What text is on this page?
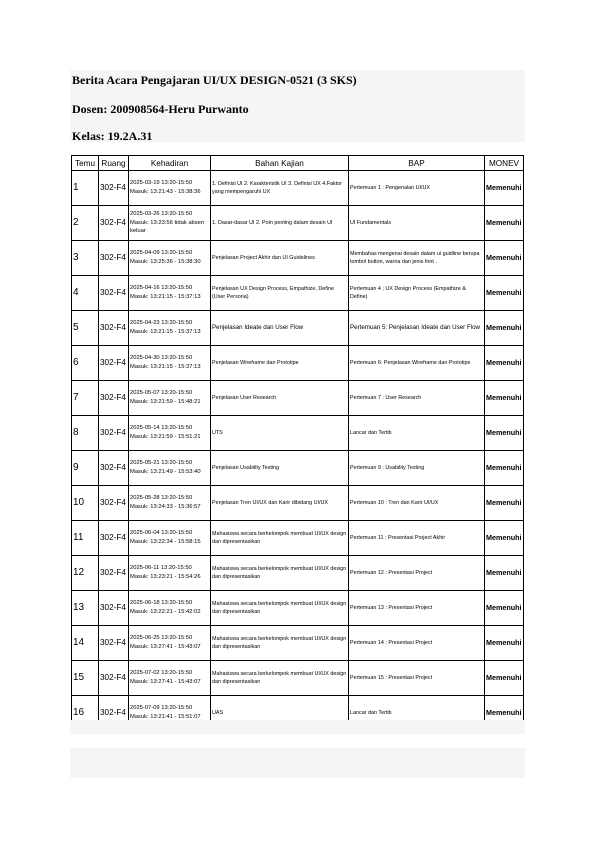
Berita Acara Pengajaran UI/UX DESIGN-0521 (3 SKS)
Dosen: 200908564-Heru Purwanto
Kelas: 19.2A.31
Temu	Ruang	Kehadiran	Bahan Kajian	BAP	MONEV
1	302-F4	2025-03-19 13:20-15:50 Masuk: 13:21:43 - 15:38:36	1. Definisi UI 2. Karakteristik UI 3. Definisi UX 4.Faktor yang mempengaruhi UX	Pertemuan 1 : Pengenalan UI/UX	Memenuhi
2	302-F4	2025-03-26 13:20-15:50 Masuk: 13:23:56 tidak absen keluar	1. Dasar-dasar UI 2. Poin penting dalam desain UI	UI Fundamentals	Memenuhi
3	302-F4	2025-04-09 13:20-15:50 Masuk: 13:25:36 - 15:38:30	Penjelasan Project Akhir dan UI Guidelines	Membahas mengenai desain dalam ui guidline berupa tombol button, warna dan jenis font .	Memenuhi
4	302-F4	2025-04-16 13:20-15:50 Masuk: 13:21:15 - 15:37:13	Penjelasan UX Design Process, Empathize, Define (User Persona)	Pertemuan 4 ; UX Design Process (Empathize & Define)	Memenuhi
5	302-F4	2025-04-23 13:20-15:50 Masuk: 13:21:15 - 15:37:13	Penjelasan Ideate dan User Flow	Pertemuan 5: Penjelasan Ideate dan User Flow	Memenuhi
6	302-F4	2025-04-30 13:20-15:50 Masuk: 13:21:15 - 15:37:13	Penjelasan Wireframe dan Prototipe	Pertemuan 6: Penjelasan Wireframe dan Prototipe	Memenuhi
7	302-F4	2025-05-07 13:20-15:50 Masuk: 13:21:59 - 15:48:21	Penjelasan User Research	Pertemuan 7 : User Research	Memenuhi
8	302-F4	2025-05-14 13:20-15:50 Masuk: 13:21:59 - 15:51:21	UTS	Lancar dan Tertib	Memenuhi
9	302-F4	2025-05-21 13:20-15:50 Masuk: 13:21:49 - 15:53:40	Penjelasan Usability Testing	Pertemuan 9 : Usability Testing	Memenuhi
10	302-F4	2025-05-28 13:20-15:50 Masuk: 13:24:33 - 15:36:57	Penjelasan Tren UI/UX dan Karir dibidang UI/UX	Pertemuan 10 : Tren dan Karir UI/UX	Memenuhi
11	302-F4	2025-06-04 13:20-15:50 Masuk: 13:22:34 - 15:58:15	Mahasiswa secara berkelompok membuat UI/UX design dan dipresentasikan	Pertemuan 11 : Presentasi Project Akhir	Memenuhi
12	302-F4	2025-06-11 13:20-15:50 Masuk: 13:23:21 - 15:54:26	Mahasiswa secara berkelompok membuat UI/UX design dan dipresentasikan	Pertemuan 12 : Presentasi Project	Memenuhi
13	302-F4	2025-06-18 13:20-15:50 Masuk: 13:22:21 - 15:42:02	Mahasiswa secara berkelompok membuat UI/UX design dan dipresentasikan	Pertemuan 13 : Presentasi Project	Memenuhi
14	302-F4	2025-06-25 13:20-15:50 Masuk: 13:27:41 - 15:43:07	Mahasiswa secara berkelompok membuat UI/UX design dan dipresentasikan	Pertemuan 14 : Presentasi Project	Memenuhi
15	302-F4	2025-07-02 13:20-15:50 Masuk: 13:27:41 - 15:43:07	Mahasiswa secara berkelompok membuat UI/UX design dan dipresentasikan	Pertemuan 15 : Presentasi Project	Memenuhi
16	302-F4	2025-07-09 13:20-15:50 Masuk: 13:21:41 - 15:51:07	UAS	Lancar dan Tertib	Memenuhi
